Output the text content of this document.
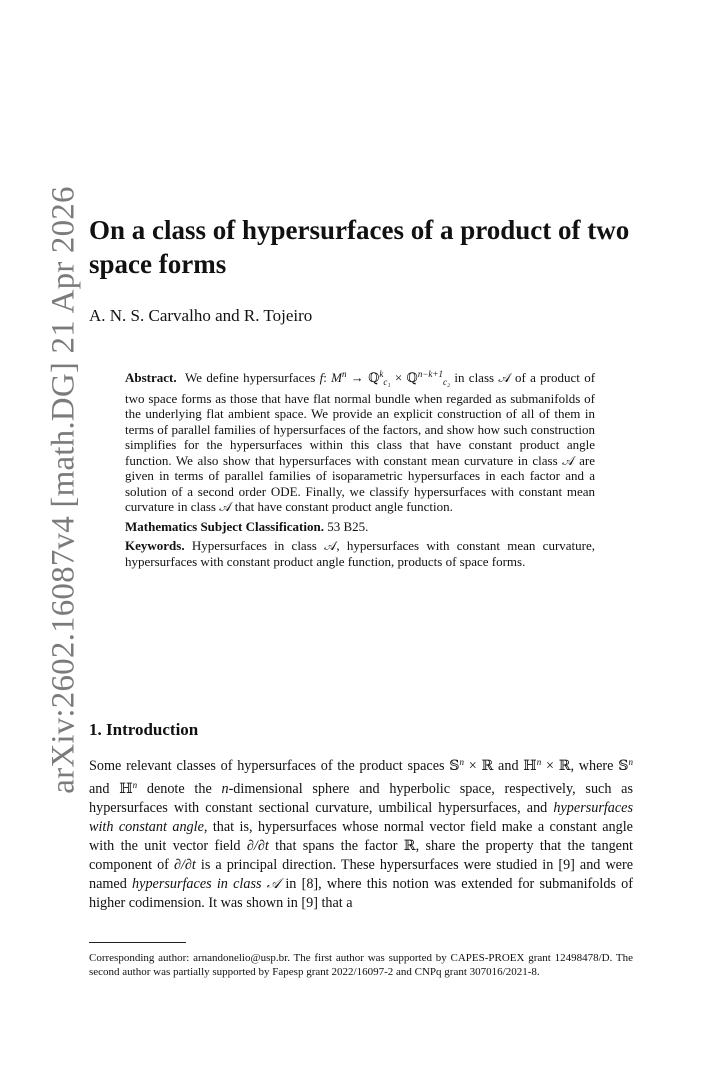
arXiv:2602.16087v4 [math.DG] 21 Apr 2026 On a class of hypersurfaces of a product of two space forms

A. N. S. Carvalho and R. Tojeiro

Abstract. We define hypersurfaces f: $M^n$ → ℚ$^k_{c_1}$ × ℚ$^{n-k+1}_{c_2}$ in class 𝒜 of a product of two space forms as those that have flat normal bundle when regarded as submanifolds of the underlying flat ambient space. We provide an explicit construction of all of them in terms of parallel families of hypersurfaces of the factors, and show how such construction simplifies for the hypersurfaces within this class that have constant product angle function. We also show that hypersurfaces with constant mean curvature in class 𝒜 are given in terms of parallel families of isoparametric hypersurfaces in each factor and a solution of a second order ODE. Finally, we classify hypersurfaces with constant mean curvature in class 𝒜 that have constant product angle function.

Mathematics Subject Classification. 53 B25.

Keywords. Hypersurfaces in class 𝒜, hypersurfaces with constant mean curvature, hypersurfaces with constant product angle function, products of space forms.

1. Introduction

Some relevant classes of hypersurfaces of the product spaces 𝕊$^n$ × ℝ and ℍ$^n$ × ℝ, where 𝕊$^n$ and ℍ$^n$ denote the n-dimensional sphere and hyperbolic space, respectively, such as hypersurfaces with constant sectional curvature, umbilical hypersurfaces, and hypersurfaces with constant angle, that is, hypersurfaces whose normal vector field make a constant angle with the unit vector field ∂/∂t that spans the factor ℝ, share the property that the tangent component of ∂/∂t is a principal direction. These hypersurfaces were studied in [9] and were named hypersurfaces in class 𝒜 in [8], where this notion was extended for submanifolds of higher codimension. It was shown in [9] that a

Corresponding author: arnandonelio@usp.br. The first author was supported by CAPES-PROEX grant 12498478/D. The second author was partially supported by Fapesp grant 2022/16097-2 and CNPq grant 307016/2021-8.
